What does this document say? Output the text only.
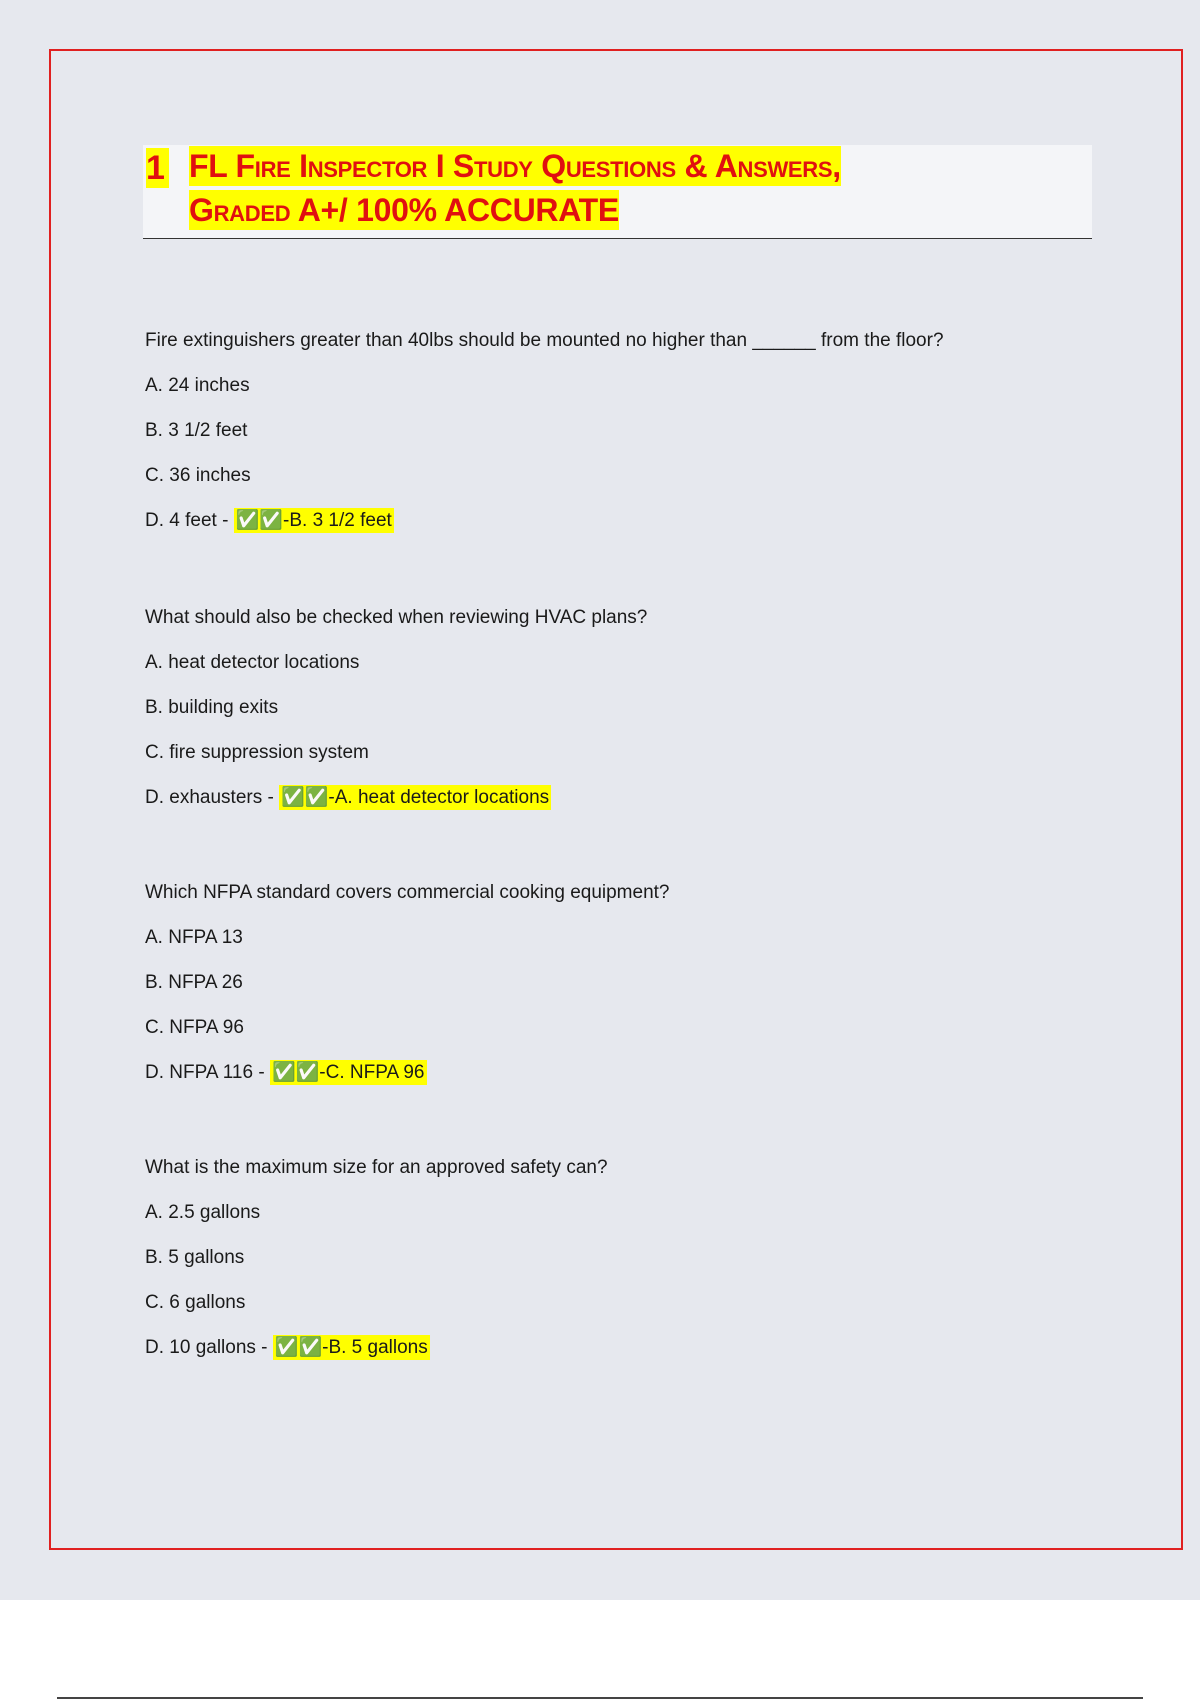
1 FL Fire Inspector I Study Questions & Answers,
Graded A+/ 100% ACCURATE

Fire extinguishers greater than 40lbs should be mounted no higher than ______ from the floor?

A. 24 inches

B. 3 1/2 feet

C. 36 inches

D. 4 feet - ✅✅-B. 3 1/2 feet

What should also be checked when reviewing HVAC plans?

A. heat detector locations

B. building exits

C. fire suppression system

D. exhausters - ✅✅-A. heat detector locations

Which NFPA standard covers commercial cooking equipment?

A. NFPA 13

B. NFPA 26

C. NFPA 96

D. NFPA 116 - ✅✅-C. NFPA 96

What is the maximum size for an approved safety can?

A. 2.5 gallons

B. 5 gallons

C. 6 gallons

D. 10 gallons - ✅✅-B. 5 gallons
